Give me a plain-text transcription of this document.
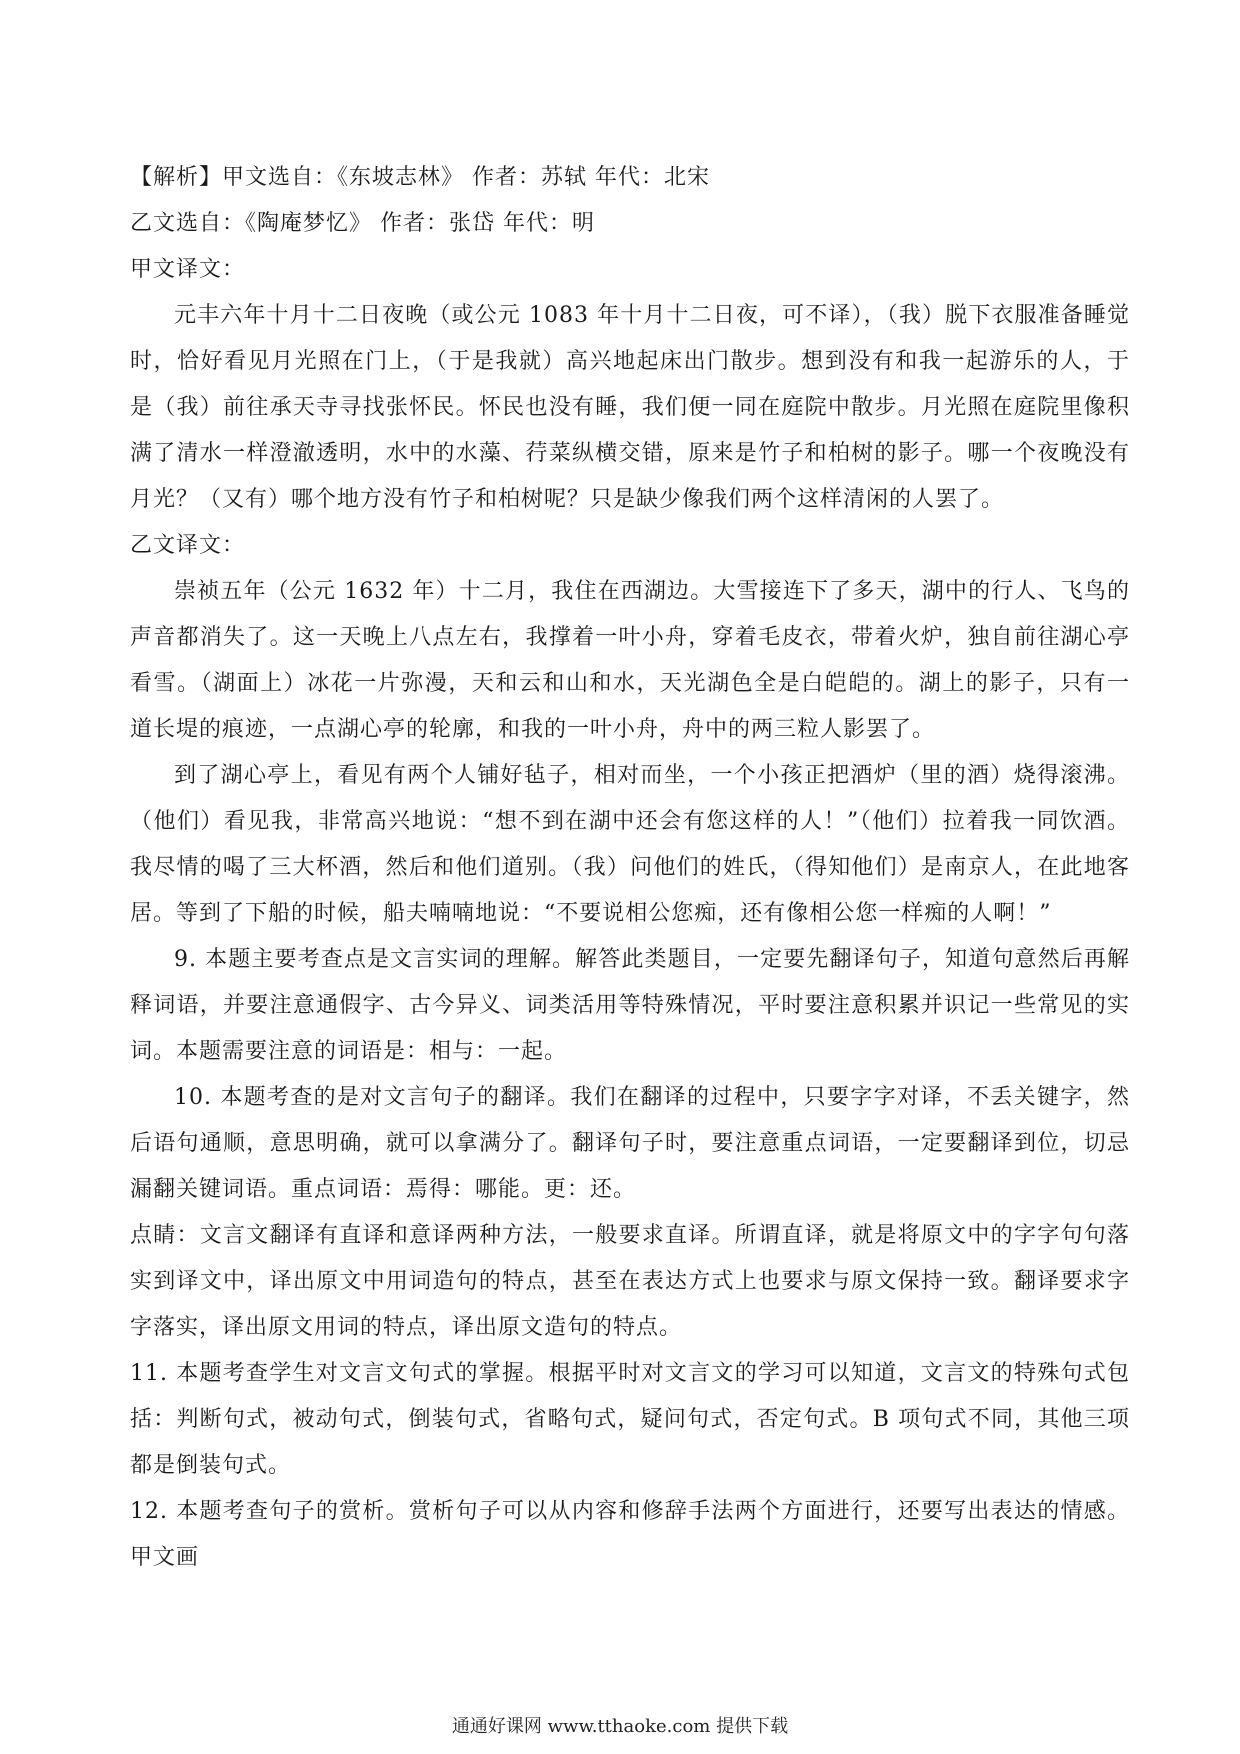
【解析】甲文选自：《东坡志林》 作者：苏轼 年代：北宋

乙文选自：《陶庵梦忆》 作者：张岱 年代：明

甲文译文：

元丰六年十月十二日夜晚（或公元 1083 年十月十二日夜，可不译），（我）脱下衣服准备睡觉时，恰好看见月光照在门上，（于是我就）高兴地起床出门散步。想到没有和我一起游乐的人，于是（我）前往承天寺寻找张怀民。怀民也没有睡，我们便一同在庭院中散步。月光照在庭院里像积满了清水一样澄澈透明，水中的水藻、荇菜纵横交错，原来是竹子和柏树的影子。哪一个夜晚没有月光？（又有）哪个地方没有竹子和柏树呢？只是缺少像我们两个这样清闲的人罢了。

乙文译文：

崇祯五年（公元 1632 年）十二月，我住在西湖边。大雪接连下了多天，湖中的行人、飞鸟的声音都消失了。这一天晚上八点左右，我撑着一叶小舟，穿着毛皮衣，带着火炉，独自前往湖心亭看雪。（湖面上）冰花一片弥漫，天和云和山和水，天光湖色全是白皑皑的。湖上的影子，只有一道长堤的痕迹，一点湖心亭的轮廓，和我的一叶小舟，舟中的两三粒人影罢了。

到了湖心亭上，看见有两个人铺好毡子，相对而坐，一个小孩正把酒炉（里的酒）烧得滚沸。（他们）看见我，非常高兴地说：“想不到在湖中还会有您这样的人！”（他们）拉着我一同饮酒。我尽情的喝了三大杯酒，然后和他们道别。（我）问他们的姓氏，（得知他们）是南京人，在此地客居。等到了下船的时候，船夫喃喃地说：“不要说相公您痴，还有像相公您一样痴的人啊！”

9. 本题主要考查点是文言实词的理解。解答此类题目，一定要先翻译句子，知道句意然后再解释词语，并要注意通假字、古今异义、词类活用等特殊情况，平时要注意积累并识记一些常见的实词。本题需要注意的词语是：相与：一起。

10. 本题考查的是对文言句子的翻译。我们在翻译的过程中，只要字字对译，不丢关键字，然后语句通顺，意思明确，就可以拿满分了。翻译句子时，要注意重点词语，一定要翻译到位，切忌漏翻关键词语。重点词语：焉得：哪能。更：还。

点睛：文言文翻译有直译和意译两种方法，一般要求直译。所谓直译，就是将原文中的字字句句落实到译文中，译出原文中用词造句的特点，甚至在表达方式上也要求与原文保持一致。翻译要求字字落实，译出原文用词的特点，译出原文造句的特点。

11. 本题考查学生对文言文句式的掌握。根据平时对文言文的学习可以知道，文言文的特殊句式包括：判断句式，被动句式，倒装句式，省略句式，疑问句式，否定句式。B 项句式不同，其他三项都是倒装句式。

12. 本题考查句子的赏析。赏析句子可以从内容和修辞手法两个方面进行，还要写出表达的情感。甲文画

通通好课网 www.tthaoke.com 提供下载
